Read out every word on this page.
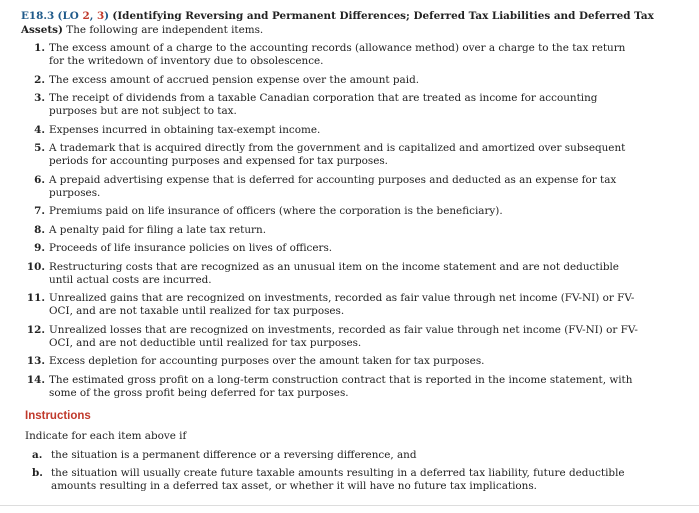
E18.3 (LO 2, 3) (Identifying Reversing and Permanent Differences; Deferred Tax Liabilities and Deferred Tax Assets) The following are independent items.
1. The excess amount of a charge to the accounting records (allowance method) over a charge to the tax return for the writedown of inventory due to obsolescence.
2. The excess amount of accrued pension expense over the amount paid.
3. The receipt of dividends from a taxable Canadian corporation that are treated as income for accounting purposes but are not subject to tax.
4. Expenses incurred in obtaining tax-exempt income.
5. A trademark that is acquired directly from the government and is capitalized and amortized over subsequent periods for accounting purposes and expensed for tax purposes.
6. A prepaid advertising expense that is deferred for accounting purposes and deducted as an expense for tax purposes.
7. Premiums paid on life insurance of officers (where the corporation is the beneficiary).
8. A penalty paid for filing a late tax return.
9. Proceeds of life insurance policies on lives of officers.
10. Restructuring costs that are recognized as an unusual item on the income statement and are not deductible until actual costs are incurred.
11. Unrealized gains that are recognized on investments, recorded as fair value through net income (FV-NI) or FV-OCI, and are not taxable until realized for tax purposes.
12. Unrealized losses that are recognized on investments, recorded as fair value through net income (FV-NI) or FV-OCI, and are not deductible until realized for tax purposes.
13. Excess depletion for accounting purposes over the amount taken for tax purposes.
14. The estimated gross profit on a long-term construction contract that is reported in the income statement, with some of the gross profit being deferred for tax purposes.
Instructions
Indicate for each item above if
a. the situation is a permanent difference or a reversing difference, and
b. the situation will usually create future taxable amounts resulting in a deferred tax liability, future deductible amounts resulting in a deferred tax asset, or whether it will have no future tax implications.
